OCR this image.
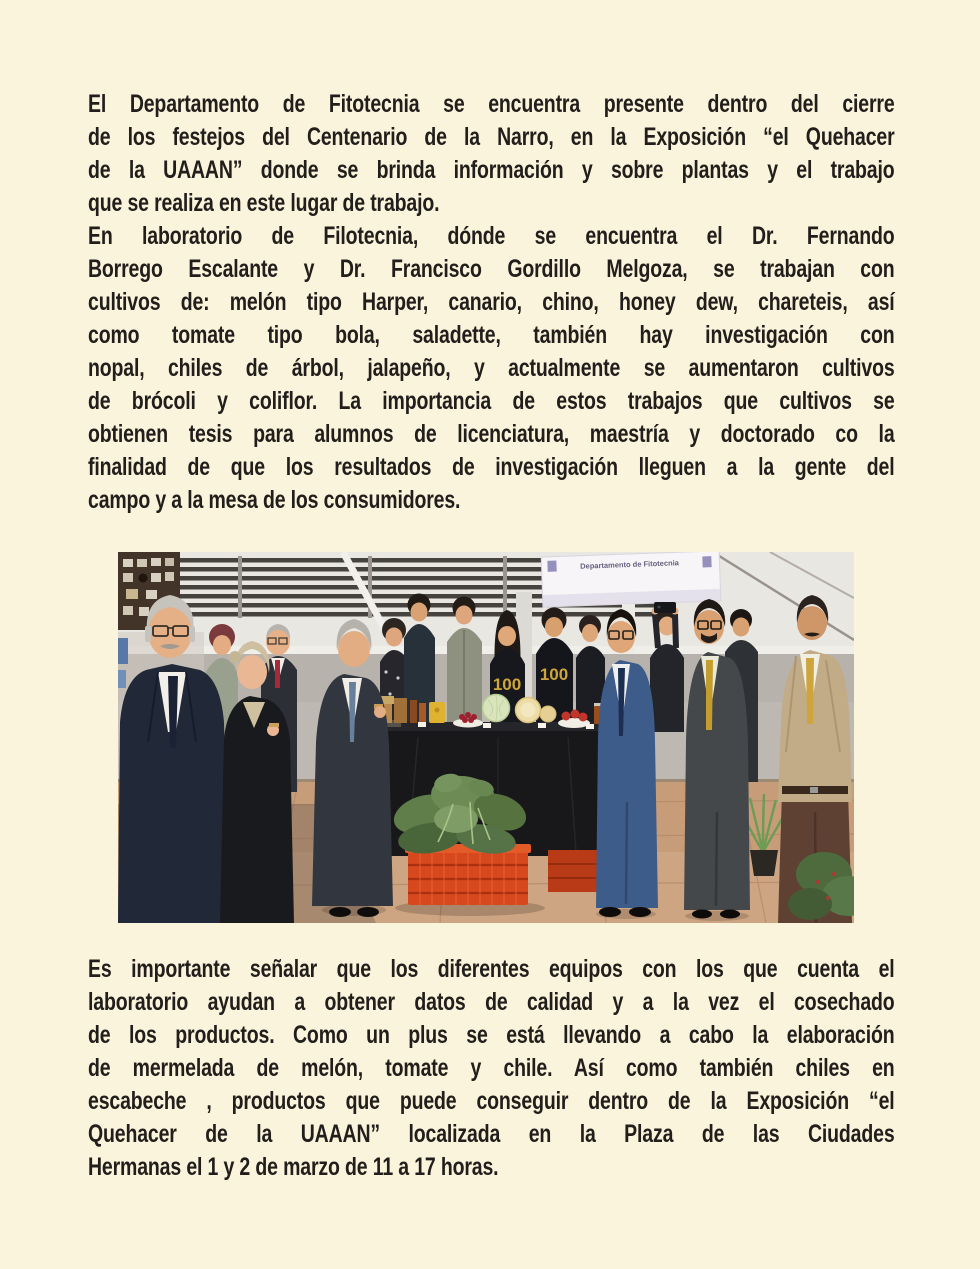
El Departamento de Fitotecnia se encuentra presente dentro del cierre
de los festejos del Centenario de la Narro, en la Exposición “el Quehacer
de la UAAAN” donde se brinda información y sobre plantas y el trabajo
que se realiza en este lugar de trabajo.
En laboratorio de Filotecnia, dónde se encuentra el Dr. Fernando
Borrego Escalante y Dr. Francisco Gordillo Melgoza, se trabajan con
cultivos de: melón tipo Harper, canario, chino, honey dew, chareteis, así
como tomate tipo bola, saladette, también hay investigación con
nopal, chiles de árbol, jalapeño, y actualmente se aumentaron cultivos
de brócoli y coliflor. La importancia de estos trabajos que cultivos se
obtienen tesis para alumnos de licenciatura, maestría y doctorado co la
finalidad de que los resultados de investigación lleguen a la gente del
campo y a la mesa de los consumidores.
Departamento de Fitotecnia
100
100
Es importante señalar que los diferentes equipos con los que cuenta el
laboratorio ayudan a obtener datos de calidad y a la vez el cosechado
de los productos. Como un plus se está llevando a cabo la elaboración
de mermelada de melón, tomate y chile. Así como también chiles en
escabeche , productos que puede conseguir dentro de la Exposición “el
Quehacer de la UAAAN” localizada en la Plaza de las Ciudades
Hermanas el 1 y 2 de marzo de 11 a 17 horas.
